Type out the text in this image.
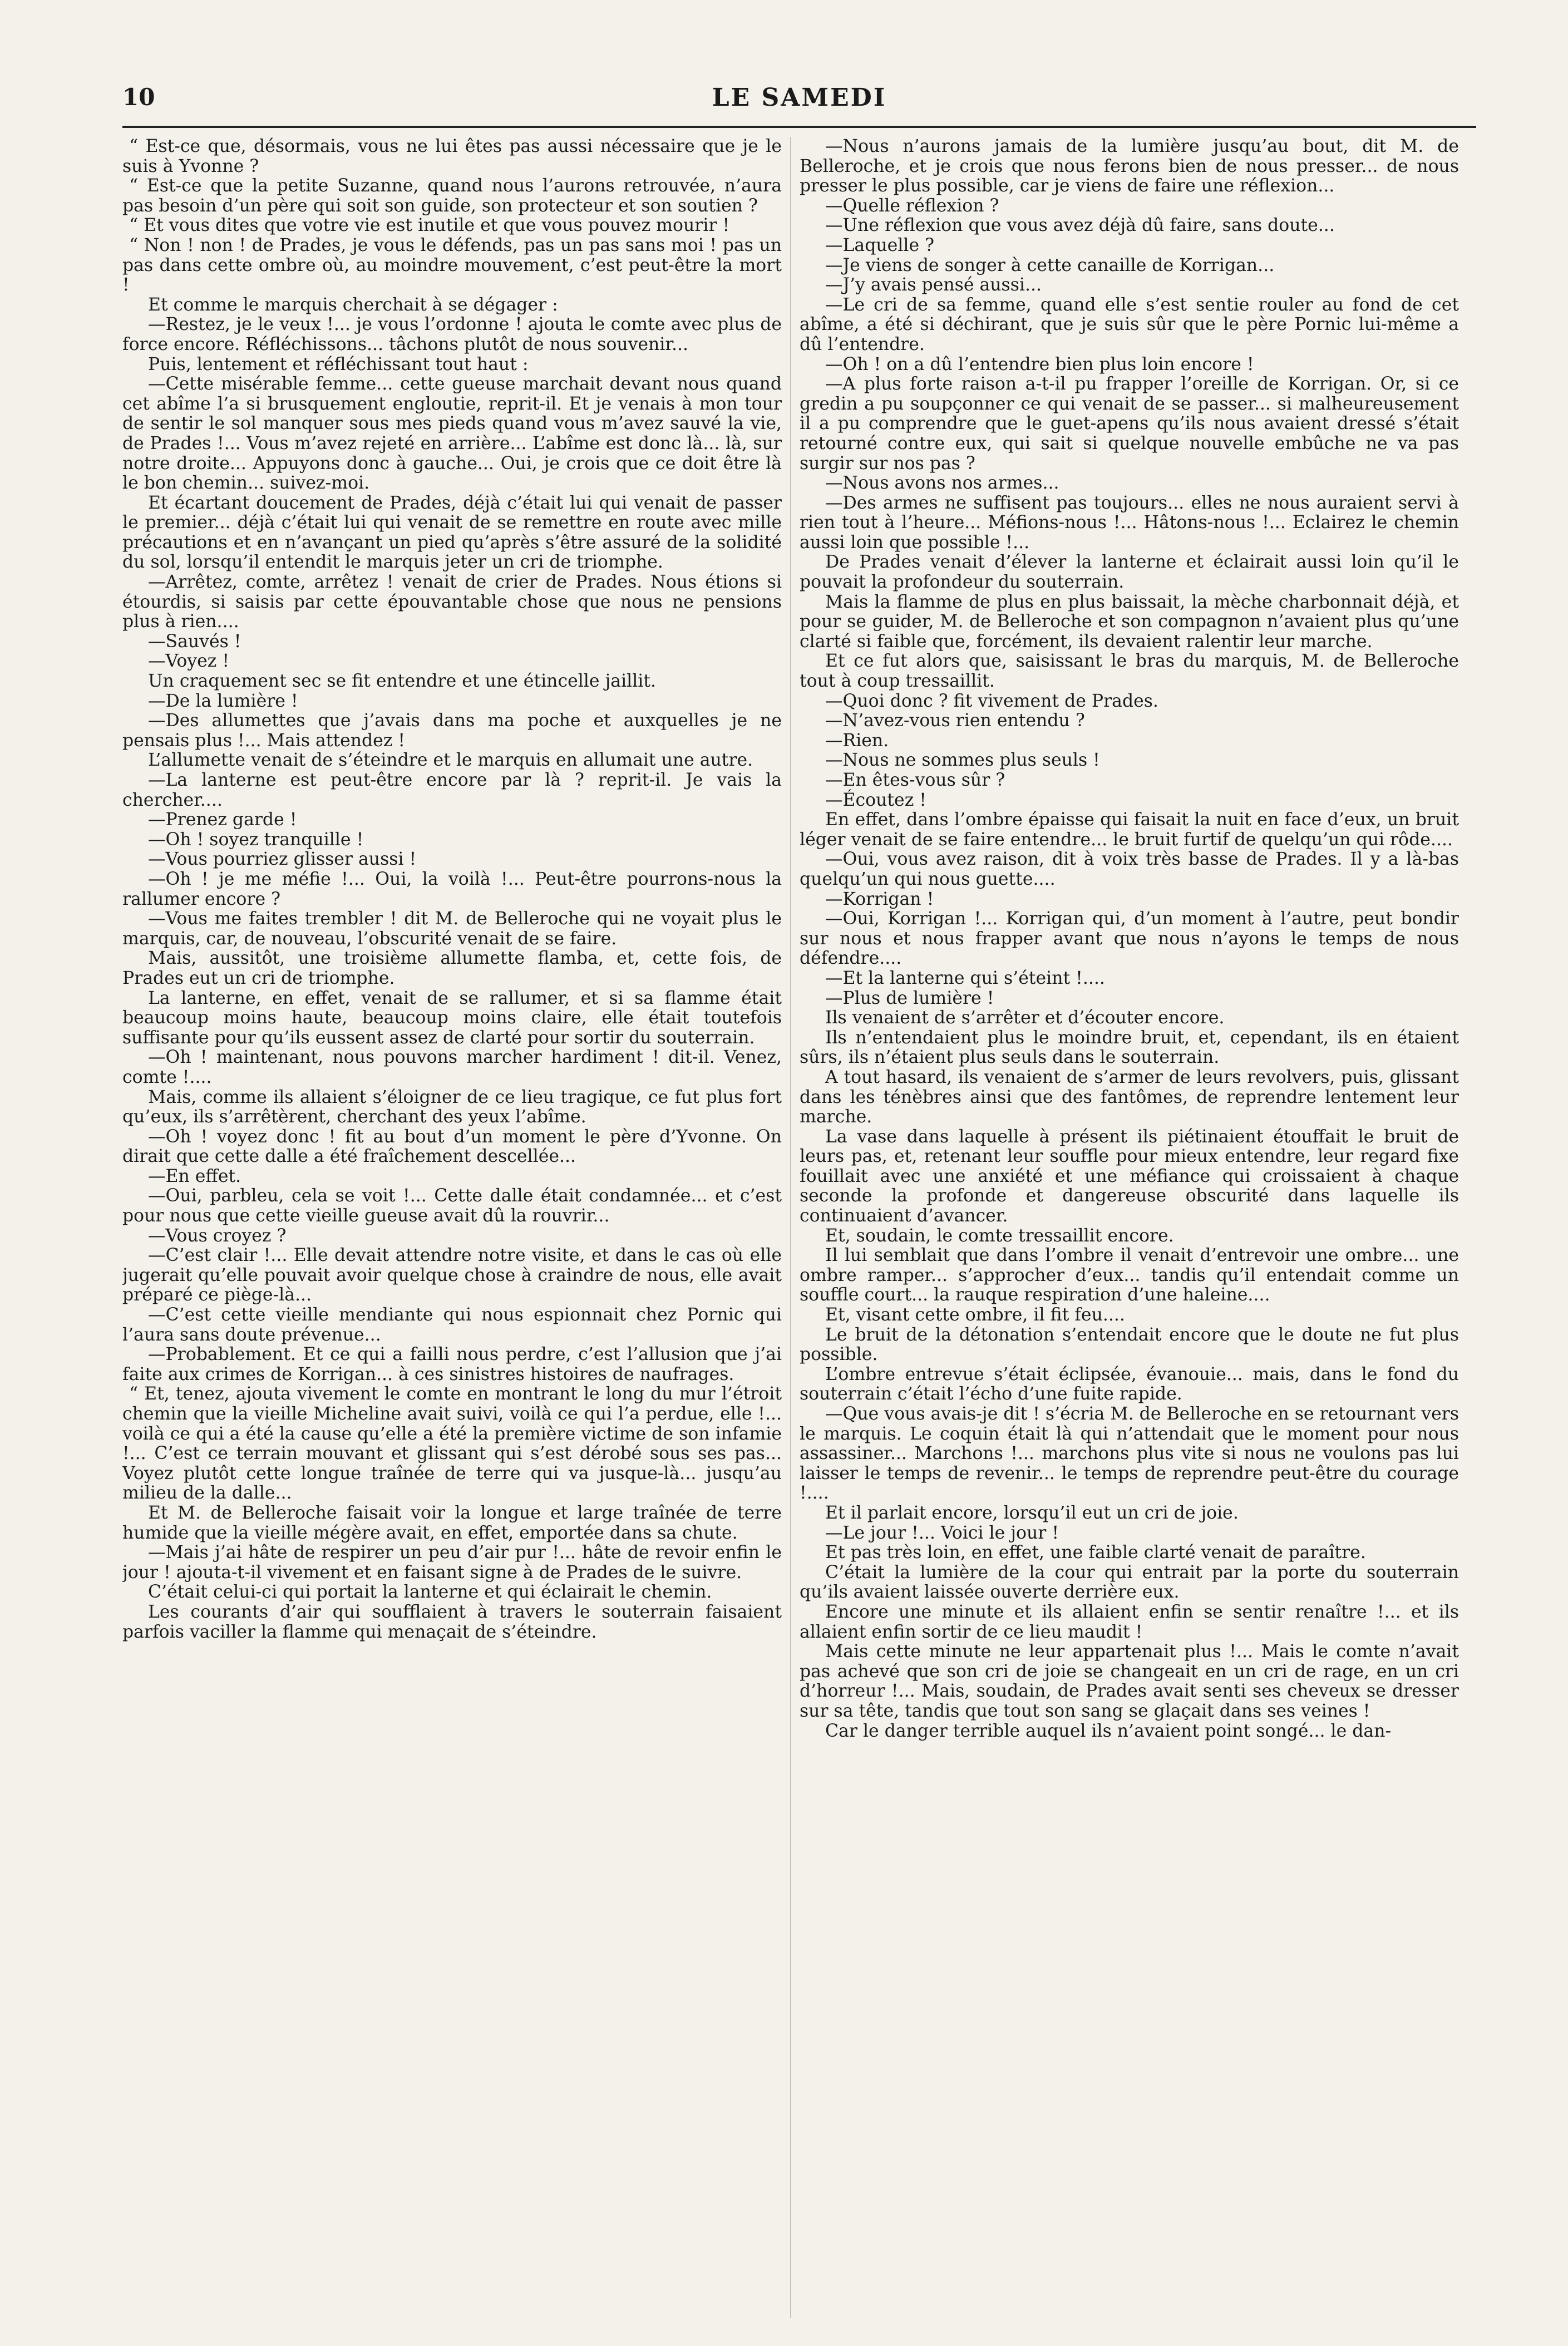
10	LE SAMEDI

“ Est-ce que, désormais, vous ne lui êtes pas aussi nécessaire que je le suis à Yvonne ?

“ Est-ce que la petite Suzanne, quand nous l’aurons retrouvée, n’aura pas besoin d’un père qui soit son guide, son protecteur et son soutien ?

“ Et vous dites que votre vie est inutile et que vous pouvez mourir !

“ Non ! non ! de Prades, je vous le défends, pas un pas sans moi ! pas un pas dans cette ombre où, au moindre mouvement, c’est peut-être la mort !

Et comme le marquis cherchait à se dégager :

—Restez, je le veux !... je vous l’ordonne ! ajouta le comte avec plus de force encore. Réfléchissons... tâchons plutôt de nous souvenir...

Puis, lentement et réfléchissant tout haut :

—Cette misérable femme... cette gueuse marchait devant nous quand cet abîme l’a si brusquement engloutie, reprit-il. Et je venais à mon tour de sentir le sol manquer sous mes pieds quand vous m’avez sauvé la vie, de Prades !... Vous m’avez rejeté en arrière... L’abîme est donc là... là, sur notre droite... Appuyons donc à gauche... Oui, je crois que ce doit être là le bon chemin... suivez-moi.

Et écartant doucement de Prades, déjà c’était lui qui venait de passer le premier... déjà c’était lui qui venait de se remettre en route avec mille précautions et en n’avançant un pied qu’après s’être assuré de la solidité du sol, lorsqu’il entendit le marquis jeter un cri de triomphe.

—Arrêtez, comte, arrêtez ! venait de crier de Prades. Nous étions si étourdis, si saisis par cette épouvantable chose que nous ne pensions plus à rien....

—Sauvés !

—Voyez !

Un craquement sec se fit entendre et une étincelle jaillit.

—De la lumière !

—Des allumettes que j’avais dans ma poche et auxquelles je ne pensais plus !... Mais attendez !

L’allumette venait de s’éteindre et le marquis en allumait une autre.

—La lanterne est peut-être encore par là ? reprit-il. Je vais la chercher....

—Prenez garde !

—Oh ! soyez tranquille !

—Vous pourriez glisser aussi !

—Oh ! je me méfie !... Oui, la voilà !... Peut-être pourrons-nous la rallumer encore ?

—Vous me faites trembler ! dit M. de Belleroche qui ne voyait plus le marquis, car, de nouveau, l’obscurité venait de se faire.

Mais, aussitôt, une troisième allumette flamba, et, cette fois, de Prades eut un cri de triomphe.

La lanterne, en effet, venait de se rallumer, et si sa flamme était beaucoup moins haute, beaucoup moins claire, elle était toutefois suffisante pour qu’ils eussent assez de clarté pour sortir du souterrain.

—Oh ! maintenant, nous pouvons marcher hardiment ! dit-il. Venez, comte !....

Mais, comme ils allaient s’éloigner de ce lieu tragique, ce fut plus fort qu’eux, ils s’arrêtèrent, cherchant des yeux l’abîme.

—Oh ! voyez donc ! fit au bout d’un moment le père d’Yvonne. On dirait que cette dalle a été fraîchement descellée...

—En effet.

—Oui, parbleu, cela se voit !... Cette dalle était condamnée... et c’est pour nous que cette vieille gueuse avait dû la rouvrir...

—Vous croyez ?

—C’est clair !... Elle devait attendre notre visite, et dans le cas où elle jugerait qu’elle pouvait avoir quelque chose à craindre de nous, elle avait préparé ce piège-là...

—C’est cette vieille mendiante qui nous espionnait chez Pornic qui l’aura sans doute prévenue...

—Probablement. Et ce qui a failli nous perdre, c’est l’allusion que j’ai faite aux crimes de Korrigan... à ces sinistres histoires de naufrages.

“ Et, tenez, ajouta vivement le comte en montrant le long du mur l’étroit chemin que la vieille Micheline avait suivi, voilà ce qui l’a perdue, elle !... voilà ce qui a été la cause qu’elle a été la première victime de son infamie !... C’est ce terrain mouvant et glissant qui s’est dérobé sous ses pas... Voyez plutôt cette longue traînée de terre qui va jusque-là... jusqu’au milieu de la dalle...

Et M. de Belleroche faisait voir la longue et large traînée de terre humide que la vieille mégère avait, en effet, emportée dans sa chute.

—Mais j’ai hâte de respirer un peu d’air pur !... hâte de revoir enfin le jour ! ajouta-t-il vivement et en faisant signe à de Prades de le suivre.

C’était celui-ci qui portait la lanterne et qui éclairait le chemin.

Les courants d’air qui soufflaient à travers le souterrain faisaient parfois vaciller la flamme qui menaçait de s’éteindre.

—Nous n’aurons jamais de la lumière jusqu’au bout, dit M. de Belleroche, et je crois que nous ferons bien de nous presser... de nous presser le plus possible, car je viens de faire une réflexion...

—Quelle réflexion ?

—Une réflexion que vous avez déjà dû faire, sans doute...

—Laquelle ?

—Je viens de songer à cette canaille de Korrigan...

—J’y avais pensé aussi...

—Le cri de sa femme, quand elle s’est sentie rouler au fond de cet abîme, a été si déchirant, que je suis sûr que le père Pornic lui-même a dû l’entendre.

—Oh ! on a dû l’entendre bien plus loin encore !

—A plus forte raison a-t-il pu frapper l’oreille de Korrigan. Or, si ce gredin a pu soupçonner ce qui venait de se passer... si malheureusement il a pu comprendre que le guet-apens qu’ils nous avaient dressé s’était retourné contre eux, qui sait si quelque nouvelle embûche ne va pas surgir sur nos pas ?

—Nous avons nos armes...

—Des armes ne suffisent pas toujours... elles ne nous auraient servi à rien tout à l’heure... Méfions-nous !... Hâtons-nous !... Eclairez le chemin aussi loin que possible !...

De Prades venait d’élever la lanterne et éclairait aussi loin qu’il le pouvait la profondeur du souterrain.

Mais la flamme de plus en plus baissait, la mèche charbonnait déjà, et pour se guider, M. de Belleroche et son compagnon n’avaient plus qu’une clarté si faible que, forcément, ils devaient ralentir leur marche.

Et ce fut alors que, saisissant le bras du marquis, M. de Belleroche tout à coup tressaillit.

—Quoi donc ? fit vivement de Prades.

—N’avez-vous rien entendu ?

—Rien.

—Nous ne sommes plus seuls !

—En êtes-vous sûr ?

—Écoutez !

En effet, dans l’ombre épaisse qui faisait la nuit en face d’eux, un bruit léger venait de se faire entendre... le bruit furtif de quelqu’un qui rôde....

—Oui, vous avez raison, dit à voix très basse de Prades. Il y a là-bas quelqu’un qui nous guette....

—Korrigan !

—Oui, Korrigan !... Korrigan qui, d’un moment à l’autre, peut bondir sur nous et nous frapper avant que nous n’ayons le temps de nous défendre....

—Et la lanterne qui s’éteint !....

—Plus de lumière !

Ils venaient de s’arrêter et d’écouter encore.

Ils n’entendaient plus le moindre bruit, et, cependant, ils en étaient sûrs, ils n’étaient plus seuls dans le souterrain.

A tout hasard, ils venaient de s’armer de leurs revolvers, puis, glissant dans les ténèbres ainsi que des fantômes, de reprendre lentement leur marche.

La vase dans laquelle à présent ils piétinaient étouffait le bruit de leurs pas, et, retenant leur souffle pour mieux entendre, leur regard fixe fouillait avec une anxiété et une méfiance qui croissaient à chaque seconde la profonde et dangereuse obscurité dans laquelle ils continuaient d’avancer.

Et, soudain, le comte tressaillit encore.

Il lui semblait que dans l’ombre il venait d’entrevoir une ombre... une ombre ramper... s’approcher d’eux... tandis qu’il entendait comme un souffle court... la rauque respiration d’une haleine....

Et, visant cette ombre, il fit feu....

Le bruit de la détonation s’entendait encore que le doute ne fut plus possible.

L’ombre entrevue s’était éclipsée, évanouie... mais, dans le fond du souterrain c’était l’écho d’une fuite rapide.

—Que vous avais-je dit ! s’écria M. de Belleroche en se retournant vers le marquis. Le coquin était là qui n’attendait que le moment pour nous assassiner... Marchons !... marchons plus vite si nous ne voulons pas lui laisser le temps de revenir... le temps de reprendre peut-être du courage !....

Et il parlait encore, lorsqu’il eut un cri de joie.

—Le jour !... Voici le jour !

Et pas très loin, en effet, une faible clarté venait de paraître.

C’était la lumière de la cour qui entrait par la porte du souterrain qu’ils avaient laissée ouverte derrière eux.

Encore une minute et ils allaient enfin se sentir renaître !... et ils allaient enfin sortir de ce lieu maudit !

Mais cette minute ne leur appartenait plus !... Mais le comte n’avait pas achevé que son cri de joie se changeait en un cri de rage, en un cri d’horreur !... Mais, soudain, de Prades avait senti ses cheveux se dresser sur sa tête, tandis que tout son sang se glaçait dans ses veines !

Car le danger terrible auquel ils n’avaient point songé... le dan-
